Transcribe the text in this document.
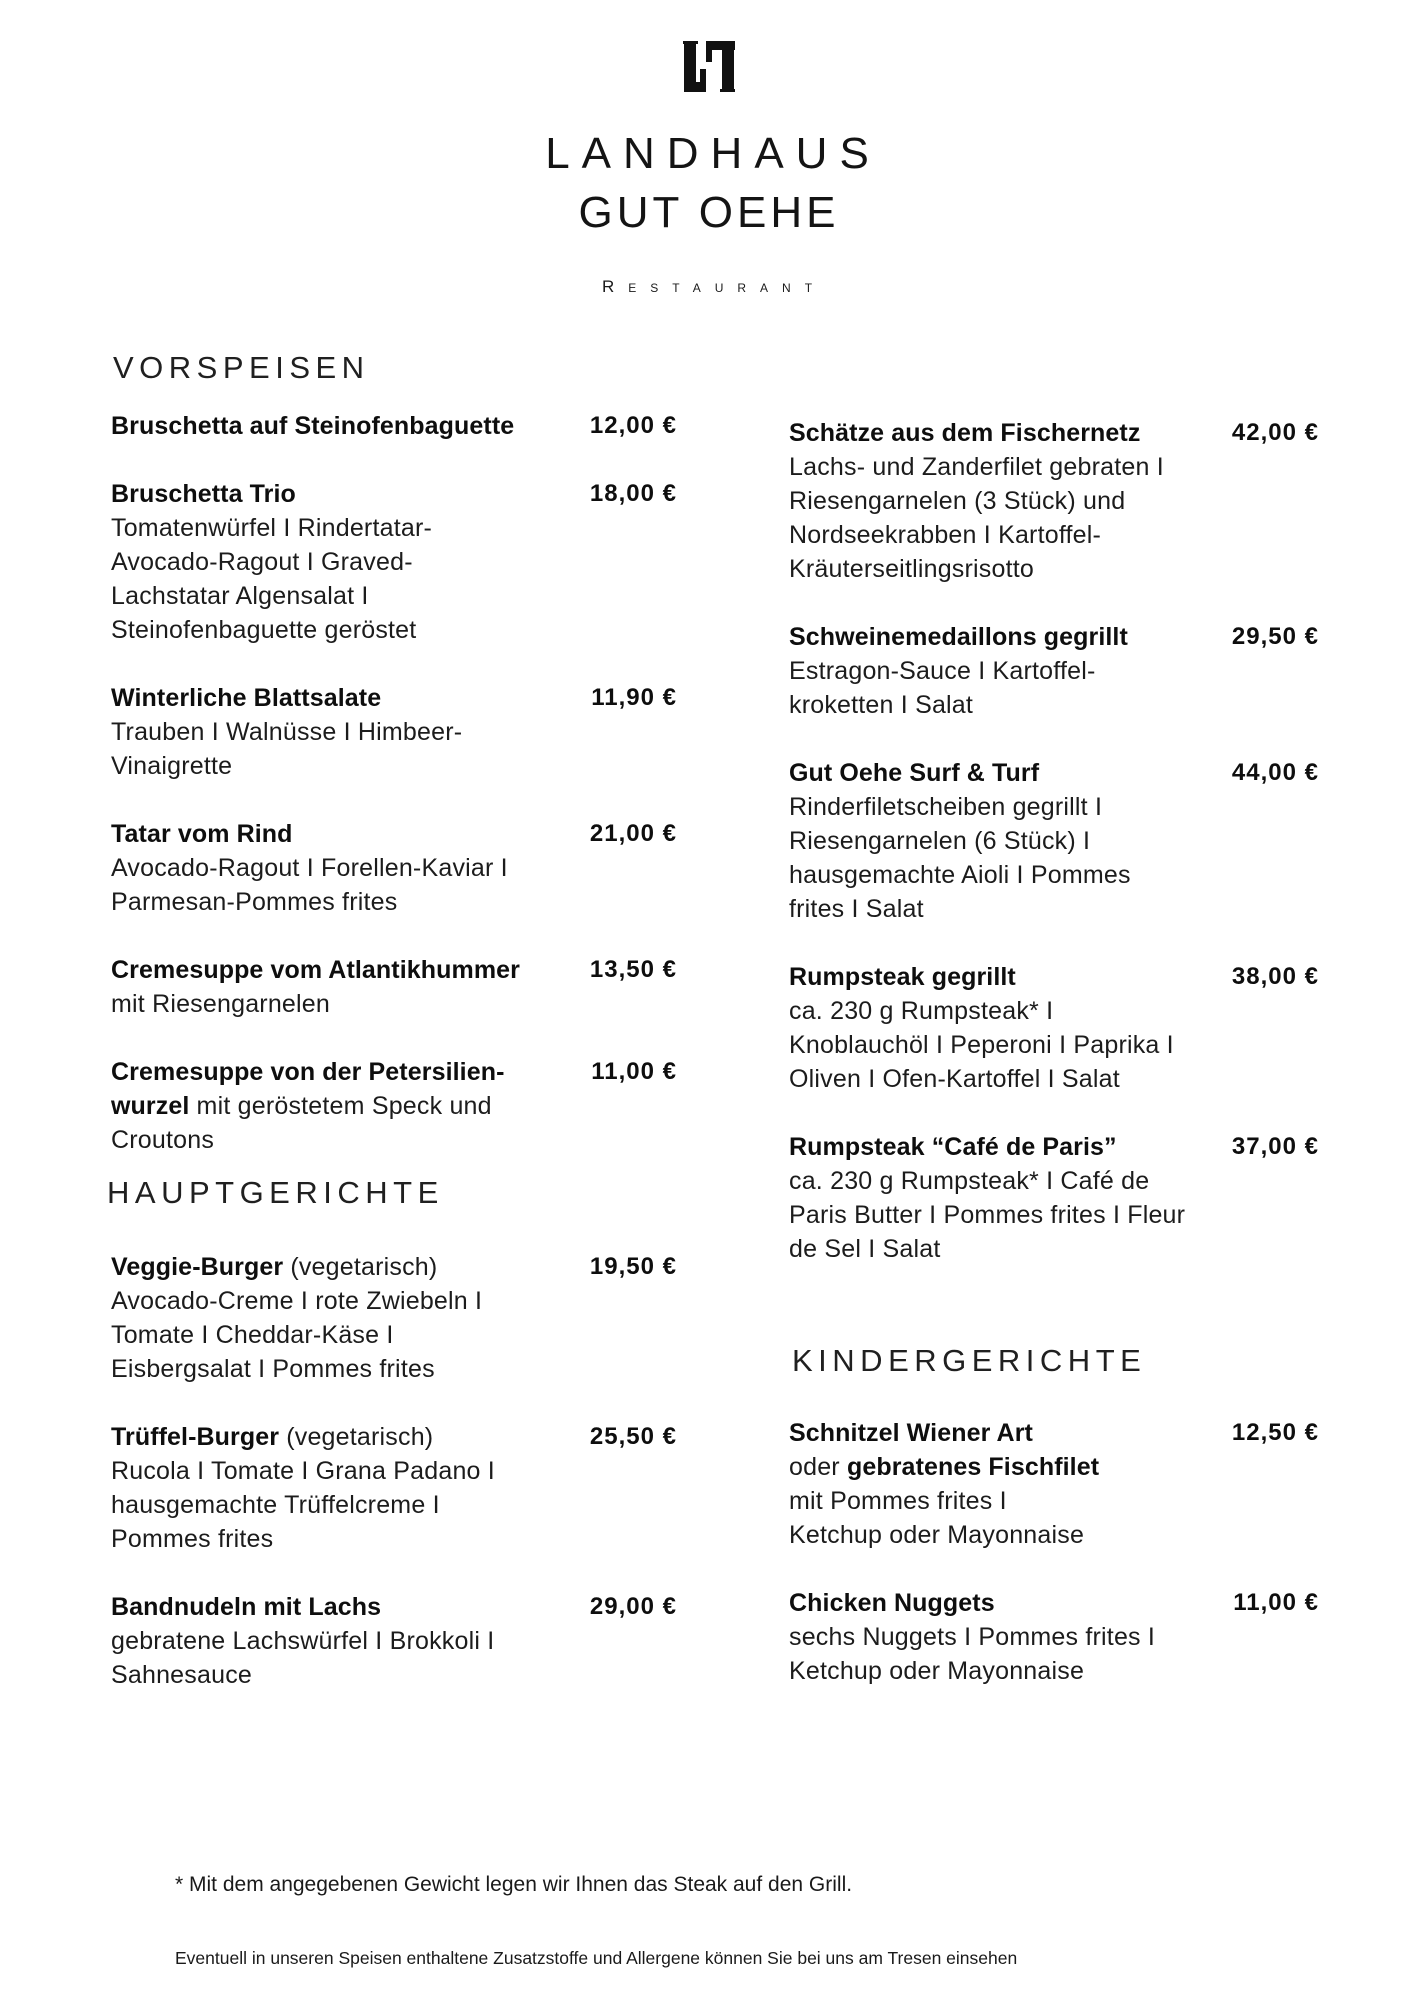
LANDHAUS
GUT OEHE
Restaurant
VORSPEISEN
Bruschetta auf Steinofenbaguette	12,00 €
Bruschetta Trio
Tomatenwürfel I Rindertatar-
Avocado-Ragout I Graved-
Lachstatar Algensalat I
Steinofenbaguette geröstet
18,00 €
Winterliche Blattsalate
Trauben I Walnüsse I Himbeer-
Vinaigrette
11,90 €
Tatar vom Rind
Avocado-Ragout I Forellen-Kaviar I
Parmesan-Pommes frites
21,00 €
Cremesuppe vom Atlantikhummer
mit Riesengarnelen
13,50 €
Cremesuppe von der Petersilien-
wurzel mit geröstetem Speck und
Croutons
11,00 €
HAUPTGERICHTE
Veggie-Burger (vegetarisch)
Avocado-Creme I rote Zwiebeln I
Tomate I Cheddar-Käse I
Eisbergsalat I Pommes frites
19,50 €
Trüffel-Burger (vegetarisch)
Rucola I Tomate I Grana Padano I
hausgemachte Trüffelcreme I
Pommes frites
25,50 €
Bandnudeln mit Lachs
gebratene Lachswürfel I Brokkoli I
Sahnesauce
29,00 €
Schätze aus dem Fischernetz
Lachs- und Zanderfilet gebraten I
Riesengarnelen (3 Stück) und
Nordseekrabben I Kartoffel-
Kräuterseitlingsrisotto
42,00 €
Schweinemedaillons gegrillt
Estragon-Sauce I Kartoffel-
kroketten I Salat
29,50 €
Gut Oehe Surf & Turf
Rinderfiletscheiben gegrillt I
Riesengarnelen (6 Stück) I
hausgemachte Aioli I Pommes
frites I Salat
44,00 €
Rumpsteak gegrillt
ca. 230 g Rumpsteak* I
Knoblauchöl I Peperoni I Paprika I
Oliven I Ofen-Kartoffel I Salat
38,00 €
Rumpsteak “Café de Paris”
ca. 230 g Rumpsteak* I Café de
Paris Butter I Pommes frites I Fleur
de Sel I Salat
37,00 €
KINDERGERICHTE
Schnitzel Wiener Art
oder gebratenes Fischfilet
mit Pommes frites I
Ketchup oder Mayonnaise
12,50 €
Chicken Nuggets
sechs Nuggets I Pommes frites I
Ketchup oder Mayonnaise
11,00 €
* Mit dem angegebenen Gewicht legen wir Ihnen das Steak auf den Grill.
Eventuell in unseren Speisen enthaltene Zusatzstoffe und Allergene können Sie bei uns am Tresen einsehen
